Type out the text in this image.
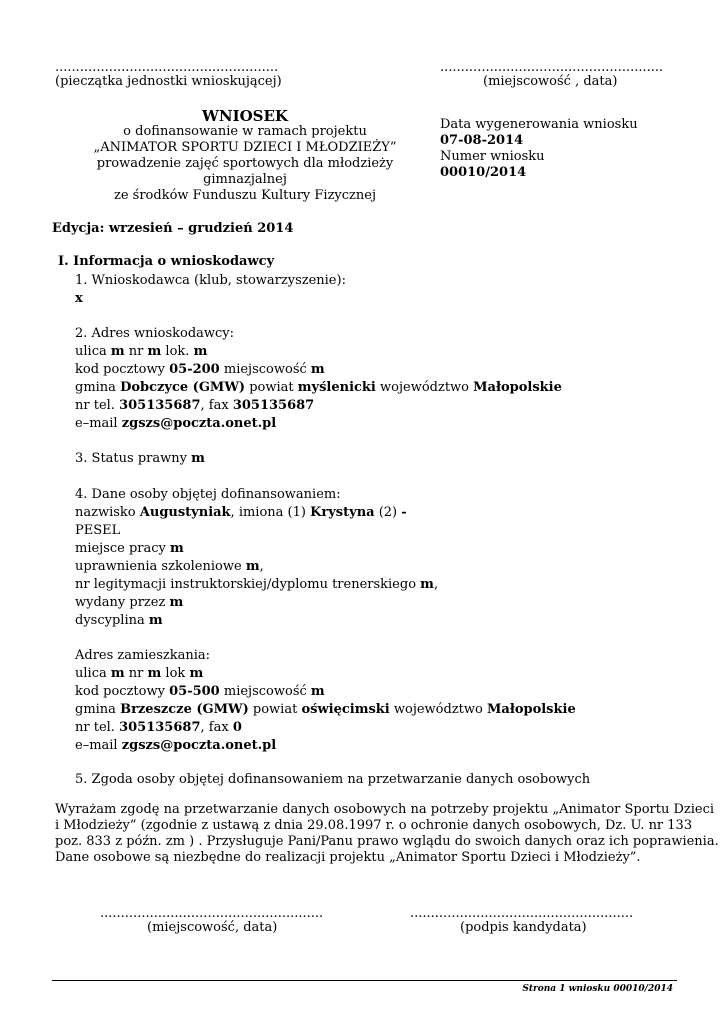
......................................................
(pieczątka jednostki wnioskującej)
......................................................
(miejscowość , data)
WNIOSEK
o dofinansowanie w ramach projektu
„ANIMATOR SPORTU DZIECI I MŁODZIEŻY”
prowadzenie zajęć sportowych dla młodzieży gimnazjalnej
ze środków Funduszu Kultury Fizycznej
Data wygenerowania wniosku
07-08-2014
Numer wniosku
00010/2014
Edycja: wrzesień – grudzień 2014
I. Informacja o wnioskodawcy
1. Wnioskodawca (klub, stowarzyszenie):
x
2. Adres wnioskodawcy:
ulica m nr m lok. m
kod pocztowy 05-200 miejscowość m
gmina Dobczyce (GMW) powiat myślenicki województwo Małopolskie
nr tel. 305135687, fax 305135687
e–mail zgszs@poczta.onet.pl
3. Status prawny m
4. Dane osoby objętej dofinansowaniem:
nazwisko Augustyniak, imiona (1) Krystyna (2) -
PESEL
miejsce pracy m
uprawnienia szkoleniowe m,
nr legitymacji instruktorskiej/dyplomu trenerskiego m,
wydany przez m
dyscyplina m
Adres zamieszkania:
ulica m nr m lok m
kod pocztowy 05-500 miejscowość m
gmina Brzeszcze (GMW) powiat oświęcimski województwo Małopolskie
nr tel. 305135687, fax 0
e–mail zgszs@poczta.onet.pl
5. Zgoda osoby objętej dofinansowaniem na przetwarzanie danych osobowych
Wyrażam zgodę na przetwarzanie danych osobowych na potrzeby projektu „Animator Sportu Dzieci
i Młodzieży” (zgodnie z ustawą z dnia 29.08.1997 r. o ochronie danych osobowych, Dz. U. nr 133
poz. 833 z późn. zm ) . Przysługuje Pani/Panu prawo wglądu do swoich danych oraz ich poprawienia.
Dane osobowe są niezbędne do realizacji projektu „Animator Sportu Dzieci i Młodzieży”.
......................................................
(miejscowość, data)
......................................................
(podpis kandydata)
Strona 1 wniosku 00010/2014
